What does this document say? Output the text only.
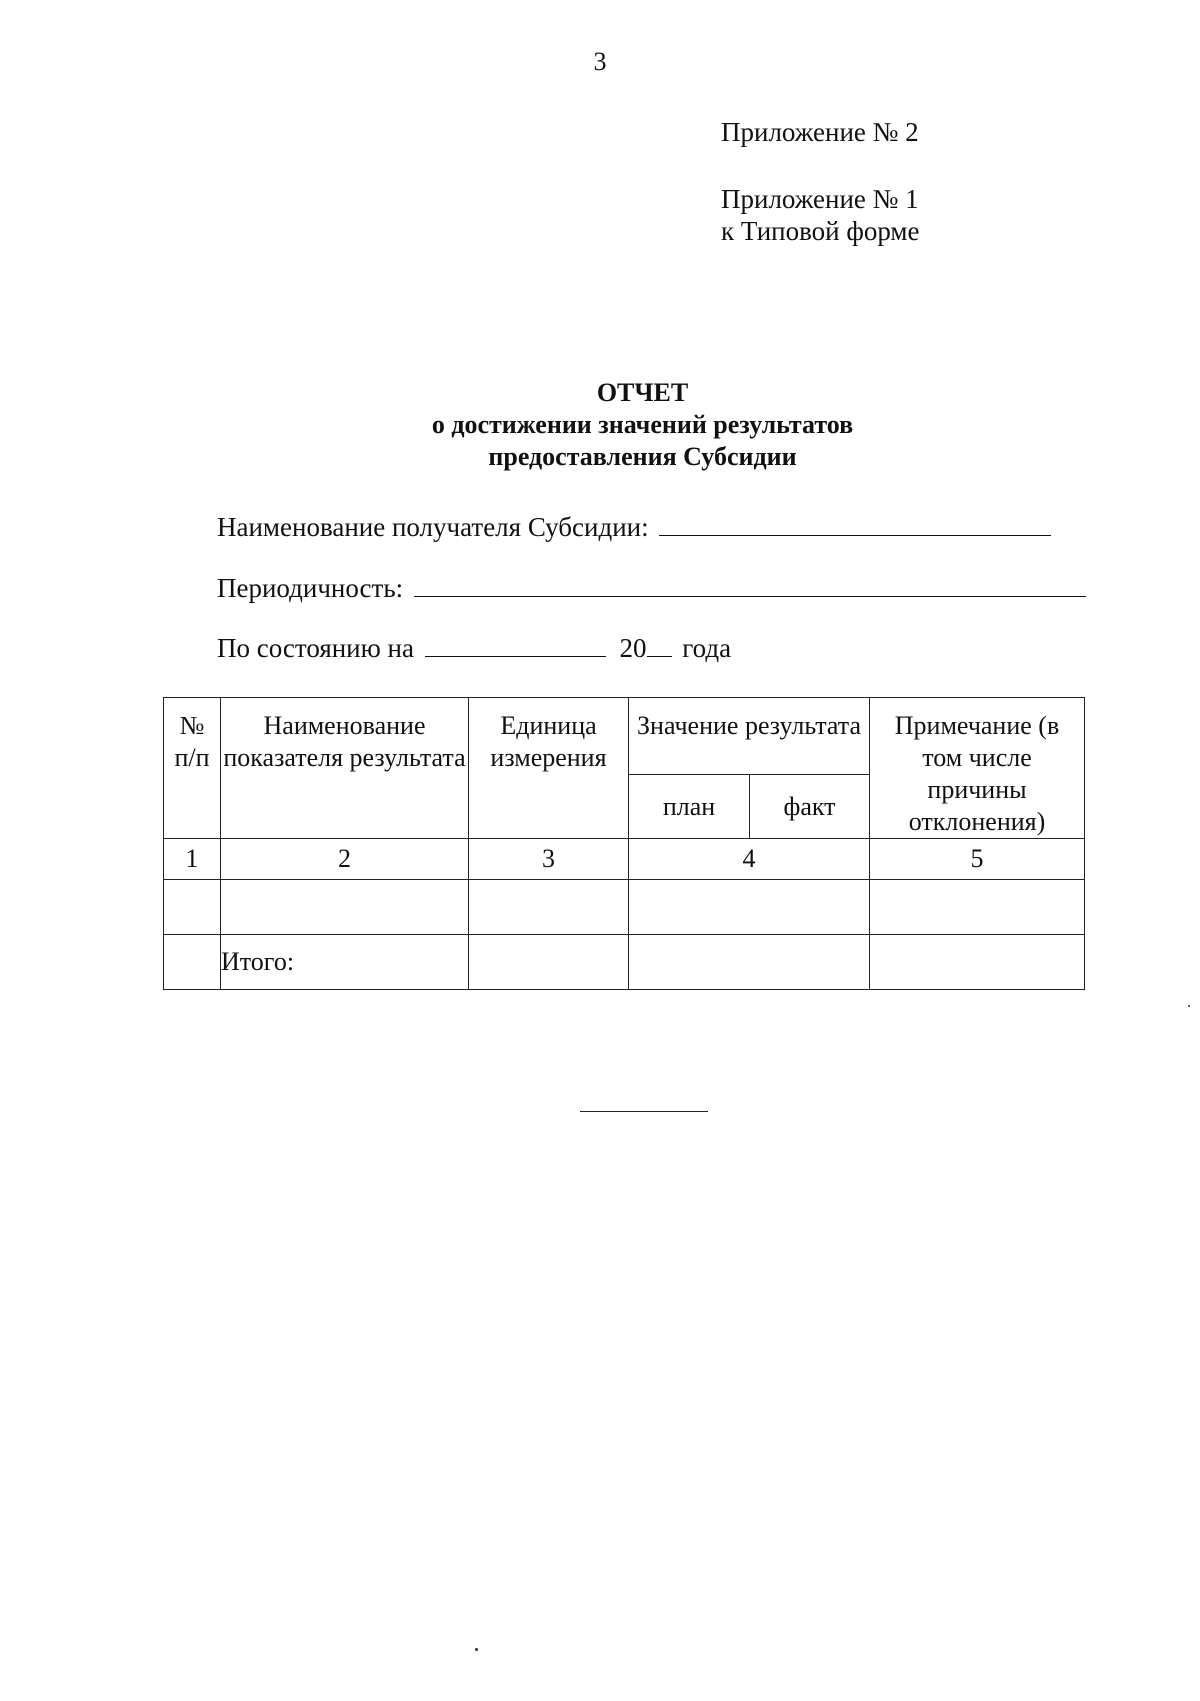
3
Приложение № 2
Приложение № 1
к Типовой форме
ОТЧЕТ
о достижении значений результатов
предоставления Субсидии
Наименование получателя Субсидии:
Периодичность:
По состоянию на	20 года
№ п/п	Наименование показателя результата	Единица измерения	Значение результата		Примечание (в том числе причины отклонения)
			план	факт	
1	2	3	4		5

	Итого:				
